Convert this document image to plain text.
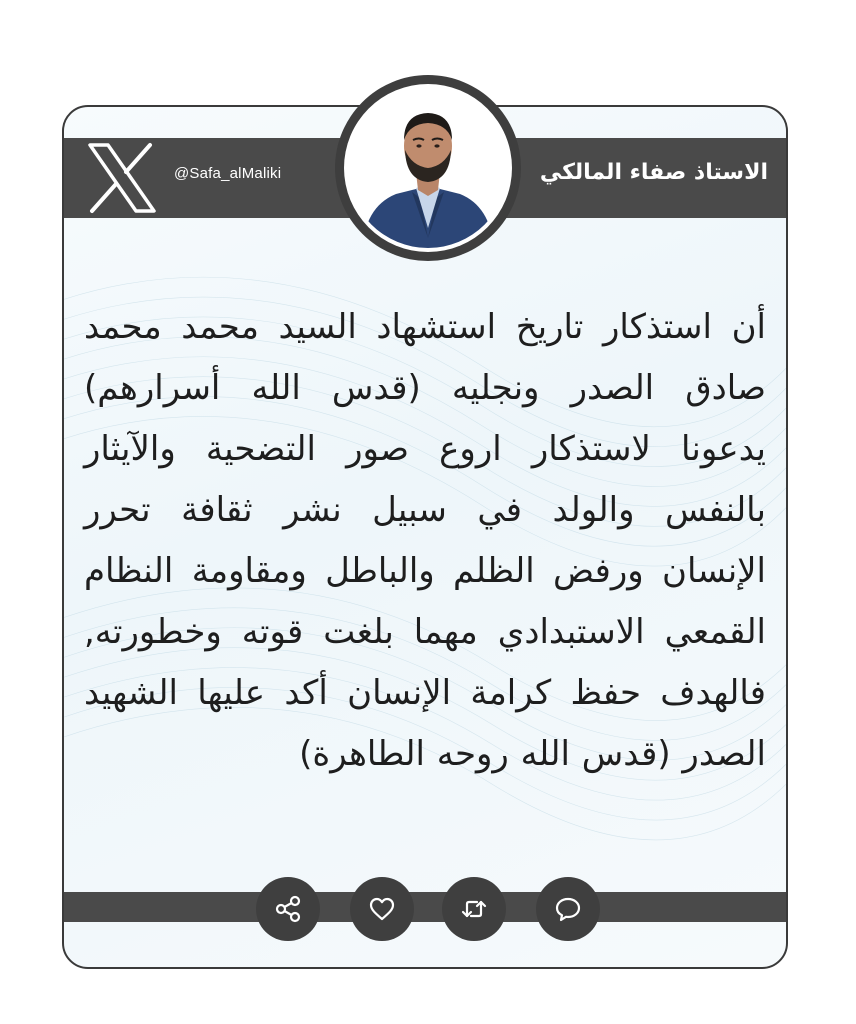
@Safa_alMaliki	الاستاذ صفاء المالكي
أن استذكار تاريخ استشهاد السيد محمد محمد صادق الصدر ونجليه (قدس الله أسرارهم) يدعونا لاستذكار اروع صور التضحية والآيثار بالنفس والولد في سبيل نشر ثقافة تحرر الإنسان ورفض الظلم والباطل ومقاومة النظام القمعي الاستبدادي مهما بلغت قوته وخطورته, فالهدف حفظ كرامة الإنسان أكد عليها الشهيد الصدر (قدس الله روحه الطاهرة)
